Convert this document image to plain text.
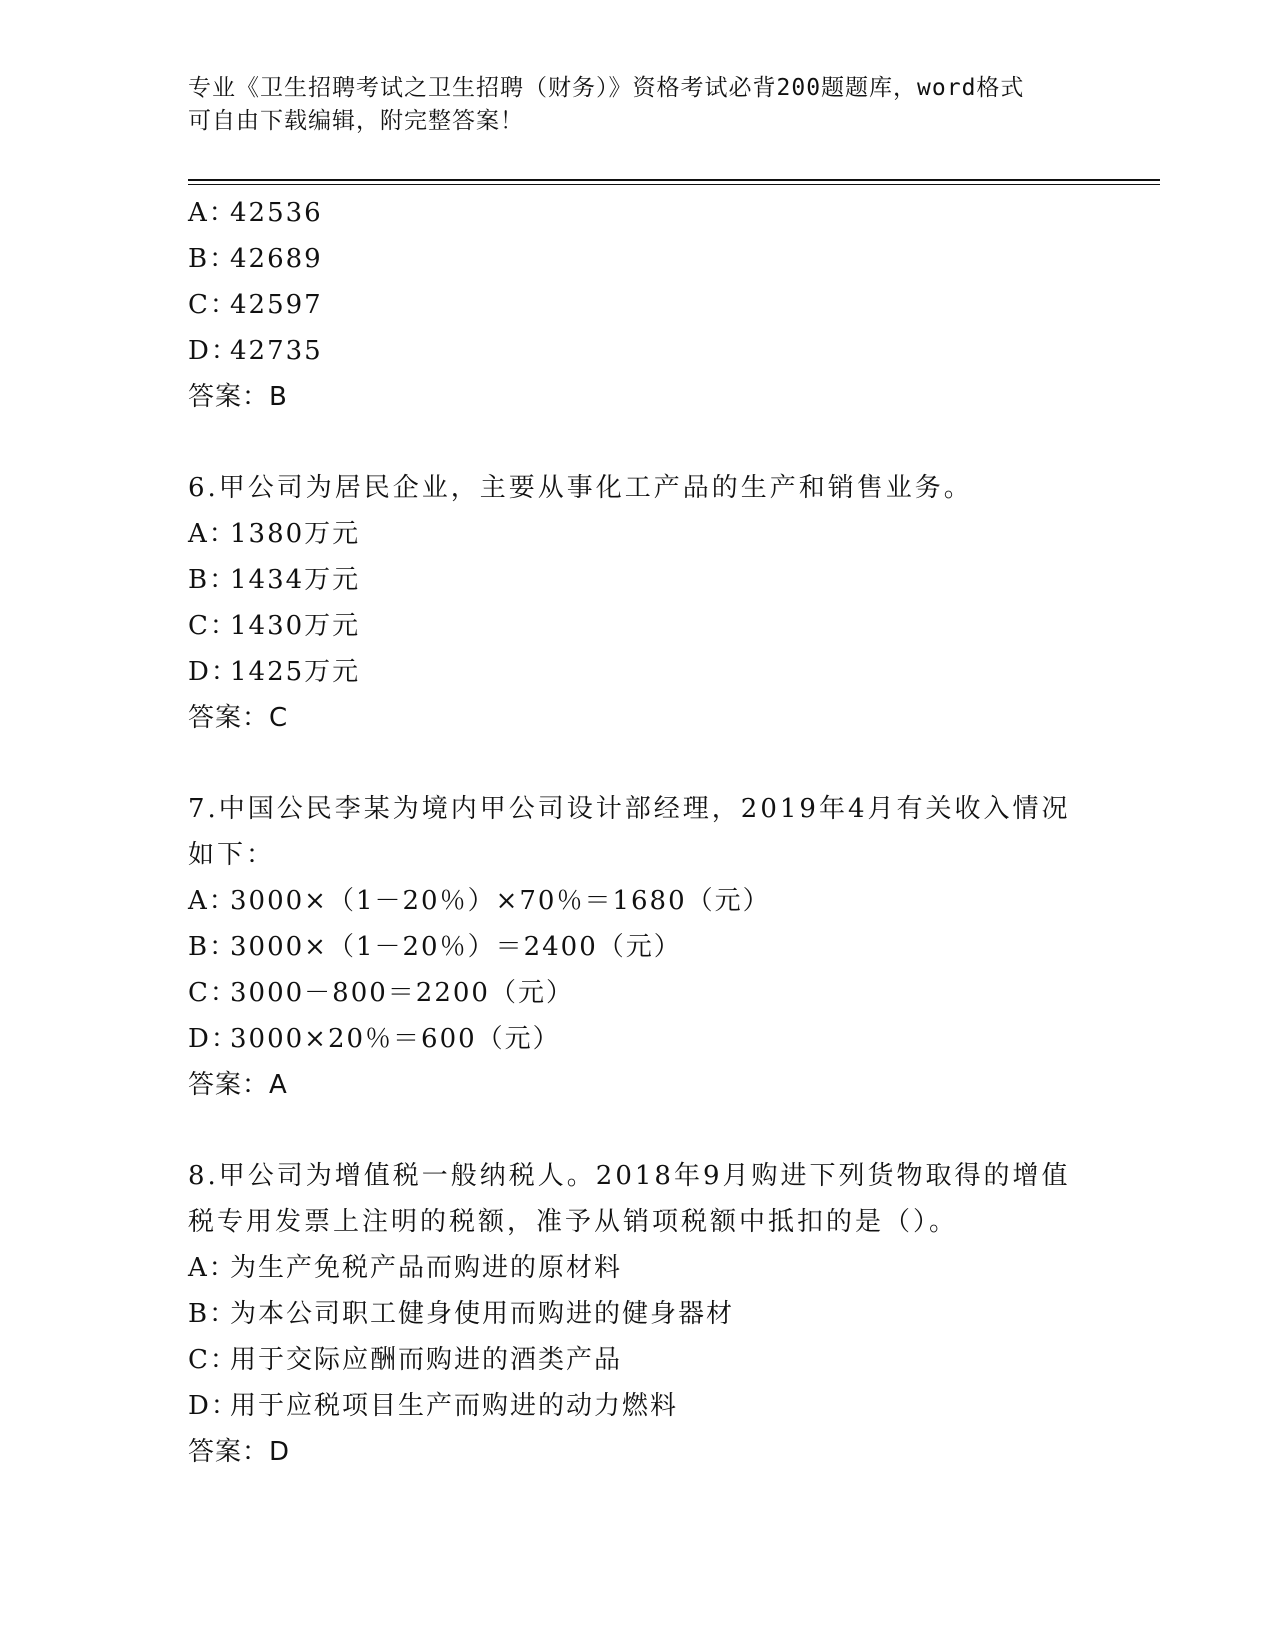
专业《卫生招聘考试之卫生招聘（财务）》资格考试必背200题题库，word格式
可自由下载编辑，附完整答案！
A：42536
B：42689
C：42597
D：42735
答案：B
6.甲公司为居民企业，主要从事化工产品的生产和销售业务。
A：1380万元
B：1434万元
C：1430万元
D：1425万元
答案：C
7.中国公民李某为境内甲公司设计部经理，2019年4月有关收入情况
如下：
A：3000×（1－20％）×70％＝1680（元）
B：3000×（1－20％）＝2400（元）
C：3000－800＝2200（元）
D：3000×20％＝600（元）
答案：A
8.甲公司为增值税一般纳税人。2018年9月购进下列货物取得的增值
税专用发票上注明的税额，准予从销项税额中抵扣的是（）。
A：为生产免税产品而购进的原材料
B：为本公司职工健身使用而购进的健身器材
C：用于交际应酬而购进的酒类产品
D：用于应税项目生产而购进的动力燃料
答案：D
